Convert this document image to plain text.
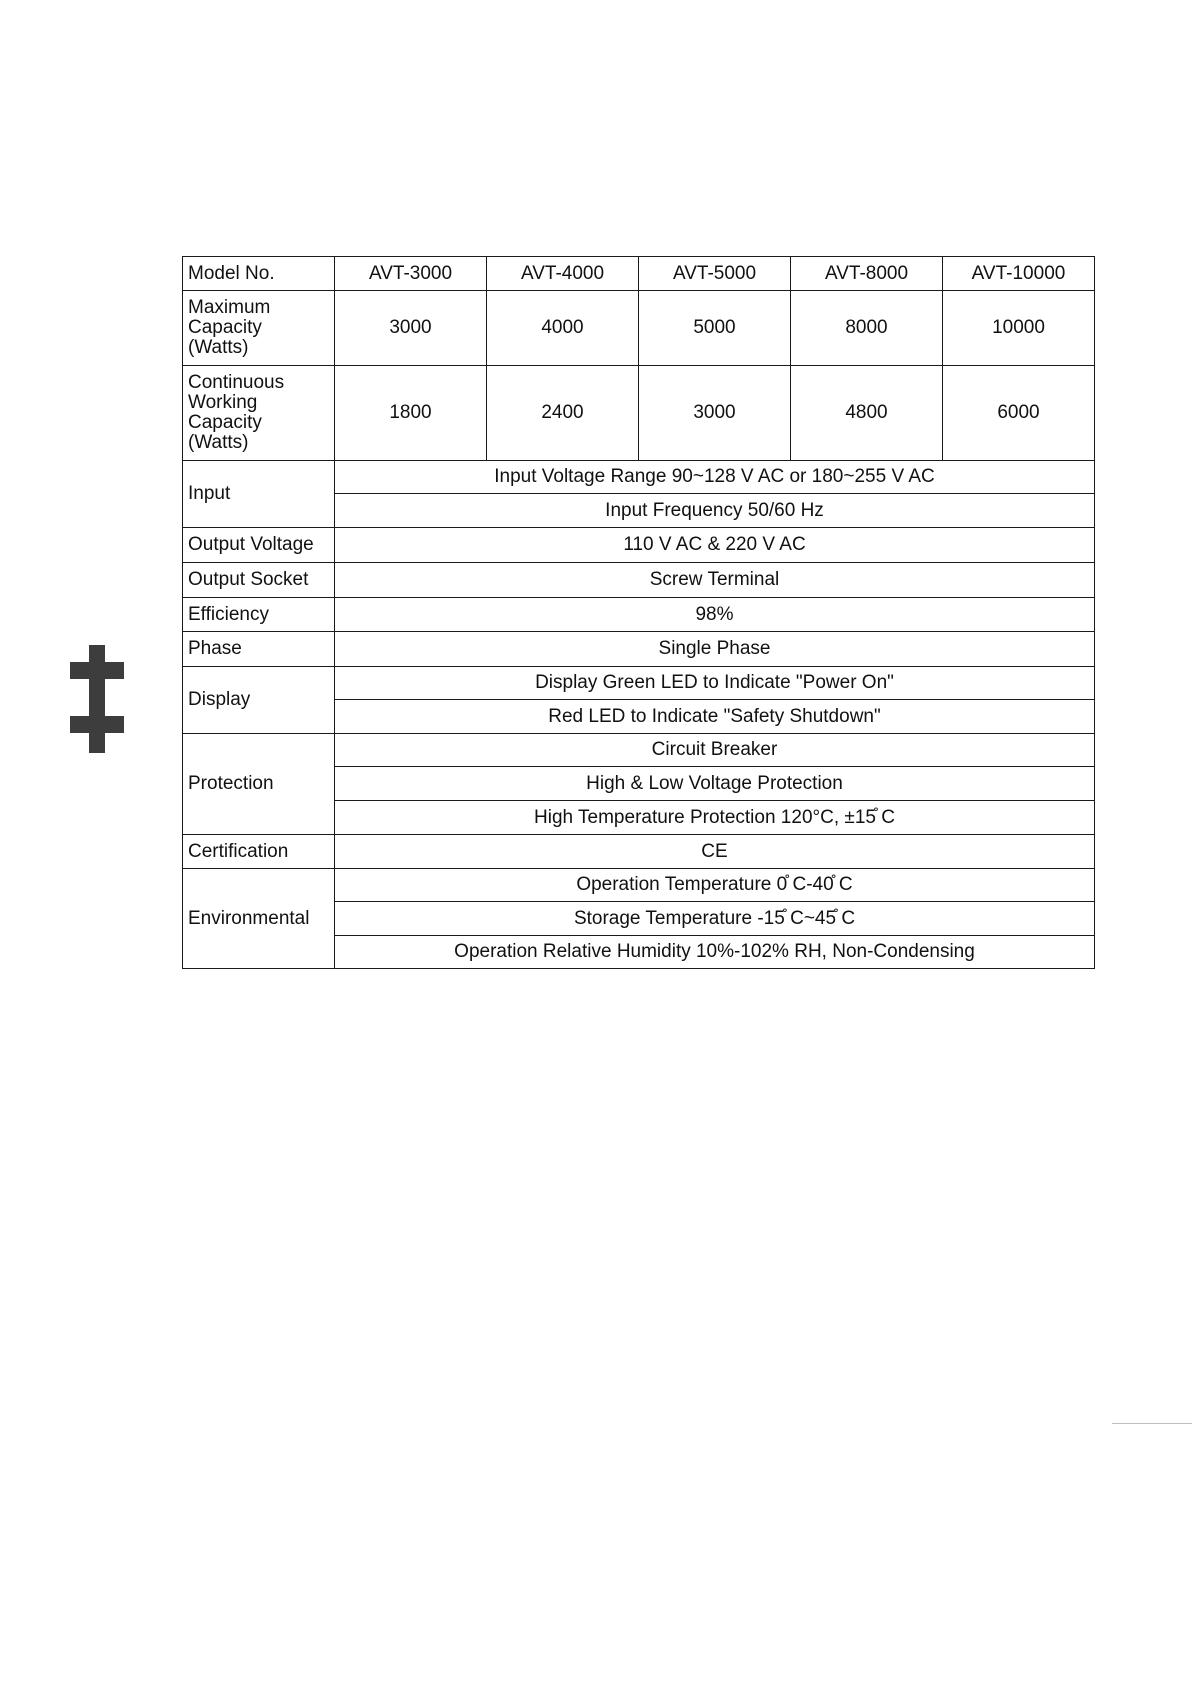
Model No.	AVT-3000	AVT-4000	AVT-5000	AVT-8000	AVT-10000

Maximum
Capacity
(Watts)	3000	4000	5000	8000	10000

Continuous
Working
Capacity
(Watts)	1800	2400	3000	4800	6000
Input	Input Voltage Range 90~128 V AC or 180~255 V AC				
	Input Frequency 50/60 Hz				
Output Voltage	110 V AC & 220 V AC				
Output Socket	Screw Terminal				
Efficiency	98%				
Phase	Single Phase				
Display	Display Green LED to Indicate "Power On"				
	Red LED to Indicate "Safety Shutdown"				
Protection	Circuit Breaker				
	High & Low Voltage Protection				
	High Temperature Protection 120°C, ±15̊ C				
Certification	CE				
Environmental	Operation Temperature 0̊ C-40̊ C				
	Storage Temperature -15̊ C~45̊ C				
	Operation Relative Humidity 10%-102% RH, Non-Condensing				
